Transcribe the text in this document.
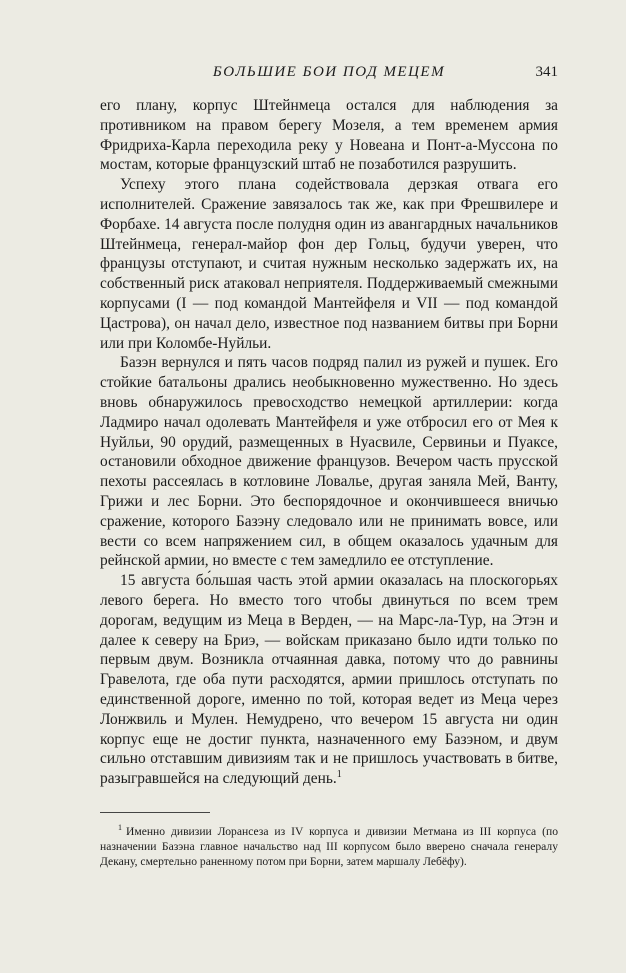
БОЛЬШИЕ БОИ ПОД МЕЦЕМ	341

его плану, корпус Штейнмеца остался для наблюдения за противником на правом берегу Мозеля, а тем временем армия Фридриха-Карла переходила реку у Новеана и Понт-а-Муссона по мостам, которые французский штаб не позаботился разрушить.

Успеху этого плана содействовала дерзкая отвага его исполнителей. Сражение завязалось так же, как при Фрешвилере и Форбахе. 14 августа после полудня один из авангардных начальников Штейнмеца, генерал-майор фон дер Гольц, будучи уверен, что французы отступают, и считая нужным несколько задержать их, на собственный риск атаковал неприятеля. Поддерживаемый смежными корпусами (I — под командой Мантейфеля и VII — под командой Цастрова), он начал дело, известное под названием битвы при Борни или при Коломбе-Нуйльи.

Базэн вернулся и пять часов подряд палил из ружей и пушек. Его стойкие батальоны дрались необыкновенно мужественно. Но здесь вновь обнаружилось превосходство немецкой артиллерии: когда Ладмиро начал одолевать Мантейфеля и уже отбросил его от Мея к Нуйльи, 90 орудий, размещенных в Нуасвиле, Сервиньи и Пуаксе, остановили обходное движение французов. Вечером часть прусской пехоты рассеялась в котловине Ловалье, другая заняла Мей, Ванту, Грижи и лес Борни. Это беспорядочное и окончившееся вничью сражение, которого Базэну следовало или не принимать вовсе, или вести со всем напряжением сил, в общем оказалось удачным для рейнской армии, но вместе с тем замедлило ее отступление.

15 августа бо́льшая часть этой армии оказалась на плоскогорьях левого берега. Но вместо того чтобы двинуться по всем трем дорогам, ведущим из Меца в Верден, — на Марс-ла-Тур, на Этэн и далее к северу на Бриэ, — войскам приказано было идти только по первым двум. Возникла отчаянная давка, потому что до равнины Гравелота, где оба пути расходятся, армии пришлось отступать по единственной дороге, именно по той, которая ведет из Меца через Лонжвиль и Мулен. Немудрено, что вечером 15 августа ни один корпус еще не достиг пункта, назначенного ему Базэном, и двум сильно отставшим дивизиям так и не пришлось участвовать в битве, разыгравшейся на следующий день.$^1$

$^1$ Именно дивизии Лорансеза из IV корпуса и дивизии Метмана из III корпуса (по назначении Базэна главное начальство над III корпусом было вверено сначала генералу Декану, смертельно раненному потом при Борни, затем маршалу Лебёфу).
